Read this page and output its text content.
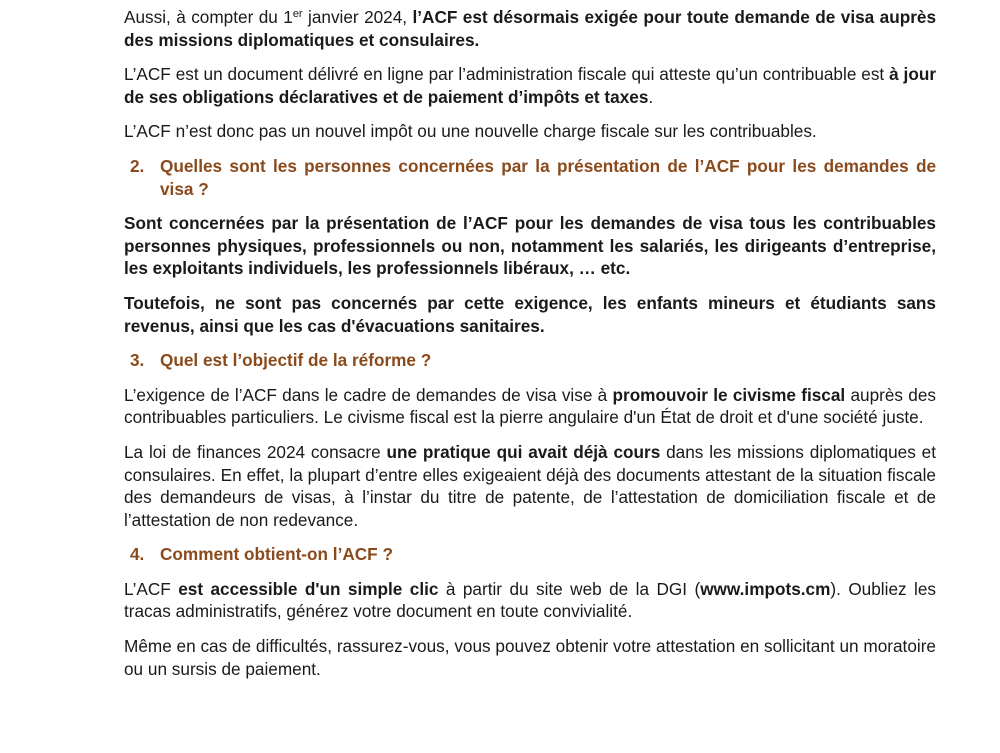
Aussi, à compter du 1er janvier 2024, l’ACF est désormais exigée pour toute demande de visa auprès des missions diplomatiques et consulaires.

L’ACF est un document délivré en ligne par l’administration fiscale qui atteste qu’un contribuable est à jour de ses obligations déclaratives et de paiement d’impôts et taxes.

L’ACF n’est donc pas un nouvel impôt ou une nouvelle charge fiscale sur les contribuables.

2. Quelles sont les personnes concernées par la présentation de l’ACF pour les demandes de visa ?

Sont concernées par la présentation de l’ACF pour les demandes de visa tous les contribuables personnes physiques, professionnels ou non, notamment les salariés, les dirigeants d’entreprise, les exploitants individuels, les professionnels libéraux, … etc.

Toutefois, ne sont pas concernés par cette exigence, les enfants mineurs et étudiants sans revenus, ainsi que les cas d'évacuations sanitaires.

3. Quel est l’objectif de la réforme ?

L’exigence de l’ACF dans le cadre de demandes de visa vise à promouvoir le civisme fiscal auprès des contribuables particuliers. Le civisme fiscal est la pierre angulaire d'un État de droit et d'une société juste.

La loi de finances 2024 consacre une pratique qui avait déjà cours dans les missions diplomatiques et consulaires. En effet, la plupart d’entre elles exigeaient déjà des documents attestant de la situation fiscale des demandeurs de visas, à l’instar du titre de patente, de l’attestation de domiciliation fiscale et de l’attestation de non redevance.

4. Comment obtient-on l’ACF ?

L’ACF est accessible d'un simple clic à partir du site web de la DGI (www.impots.cm). Oubliez les tracas administratifs, générez votre document en toute convivialité.

Même en cas de difficultés, rassurez-vous, vous pouvez obtenir votre attestation en sollicitant un moratoire ou un sursis de paiement.
